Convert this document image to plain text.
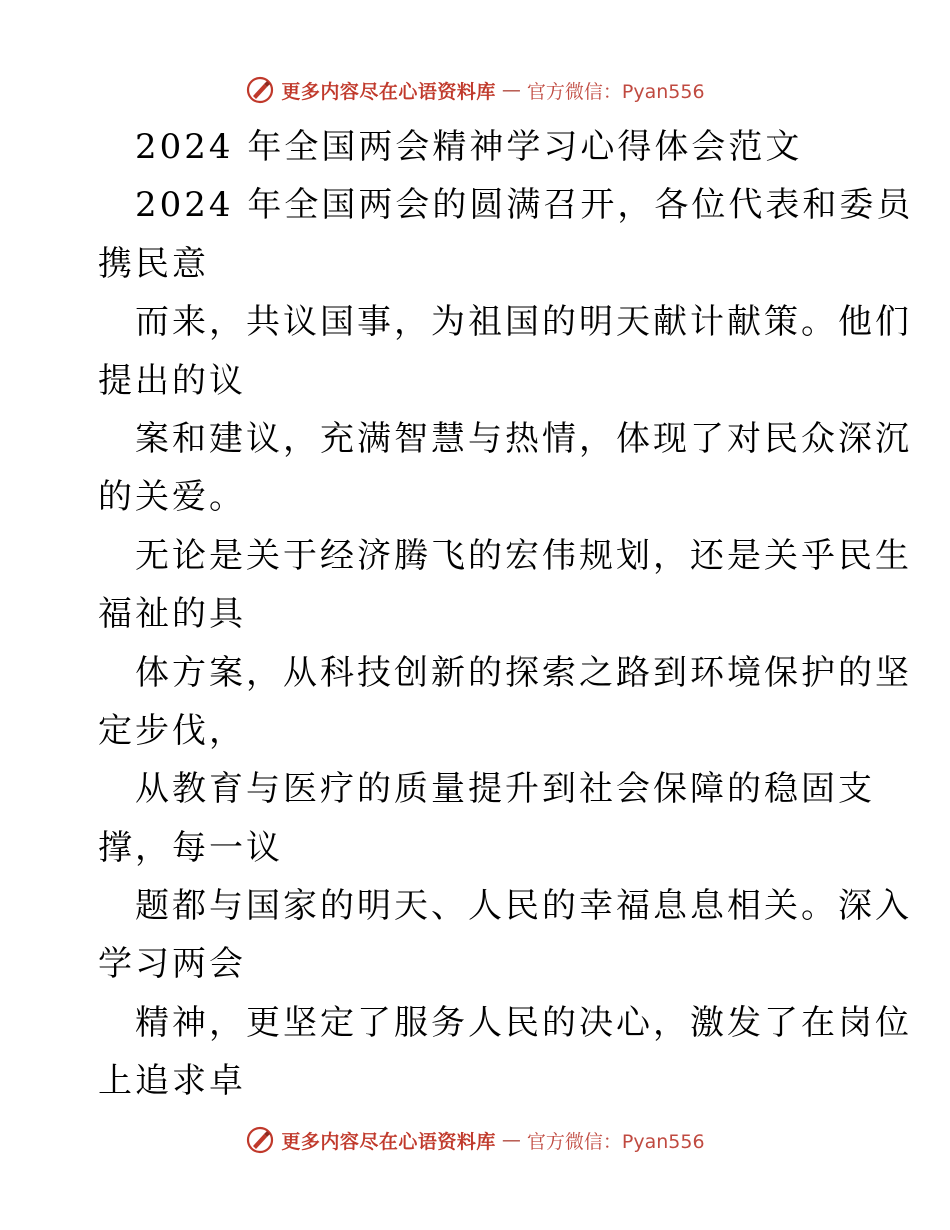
更多内容尽在心语资料库 — 官方微信：Pyan556
2024 年全国两会精神学习心得体会范文
2024 年全国两会的圆满召开，各位代表和委员
携民意
而来，共议国事，为祖国的明天献计献策。他们
提出的议
案和建议，充满智慧与热情，体现了对民众深沉
的关爱。
无论是关于经济腾飞的宏伟规划，还是关乎民生
福祉的具
体方案，从科技创新的探索之路到环境保护的坚
定步伐，
从教育与医疗的质量提升到社会保障的稳固支
撑，每一议
题都与国家的明天、人民的幸福息息相关。深入
学习两会
精神，更坚定了服务人民的决心，激发了在岗位
上追求卓
更多内容尽在心语资料库 — 官方微信：Pyan556
